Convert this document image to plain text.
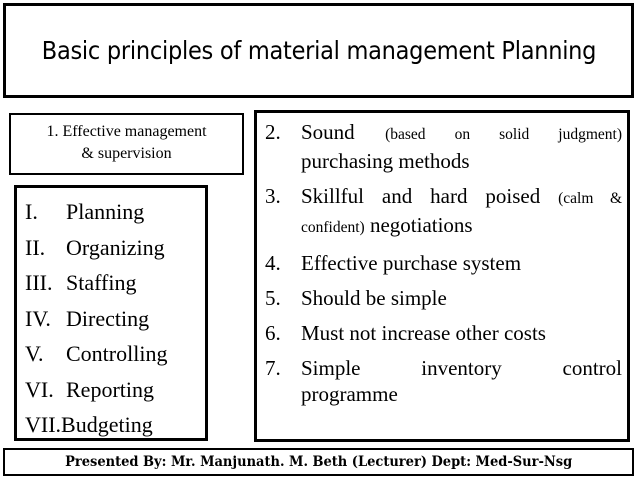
Basic principles of material management Planning
1. Effective management
& supervision
I.	Planning
II. Organizing
III. Staffing
IV. Directing
V.	Controlling
VI. Reporting
VII. Budgeting
2. Sound (based on solid judgment)
purchasing methods
3. Skillful and hard poised (calm &
confident) negotiations
4. Effective purchase system
5. Should be simple
6. Must not increase other costs
7. Simple inventory control
programme
Presented By: Mr. Manjunath. M. Beth (Lecturer) Dept: Med-Sur-Nsg
